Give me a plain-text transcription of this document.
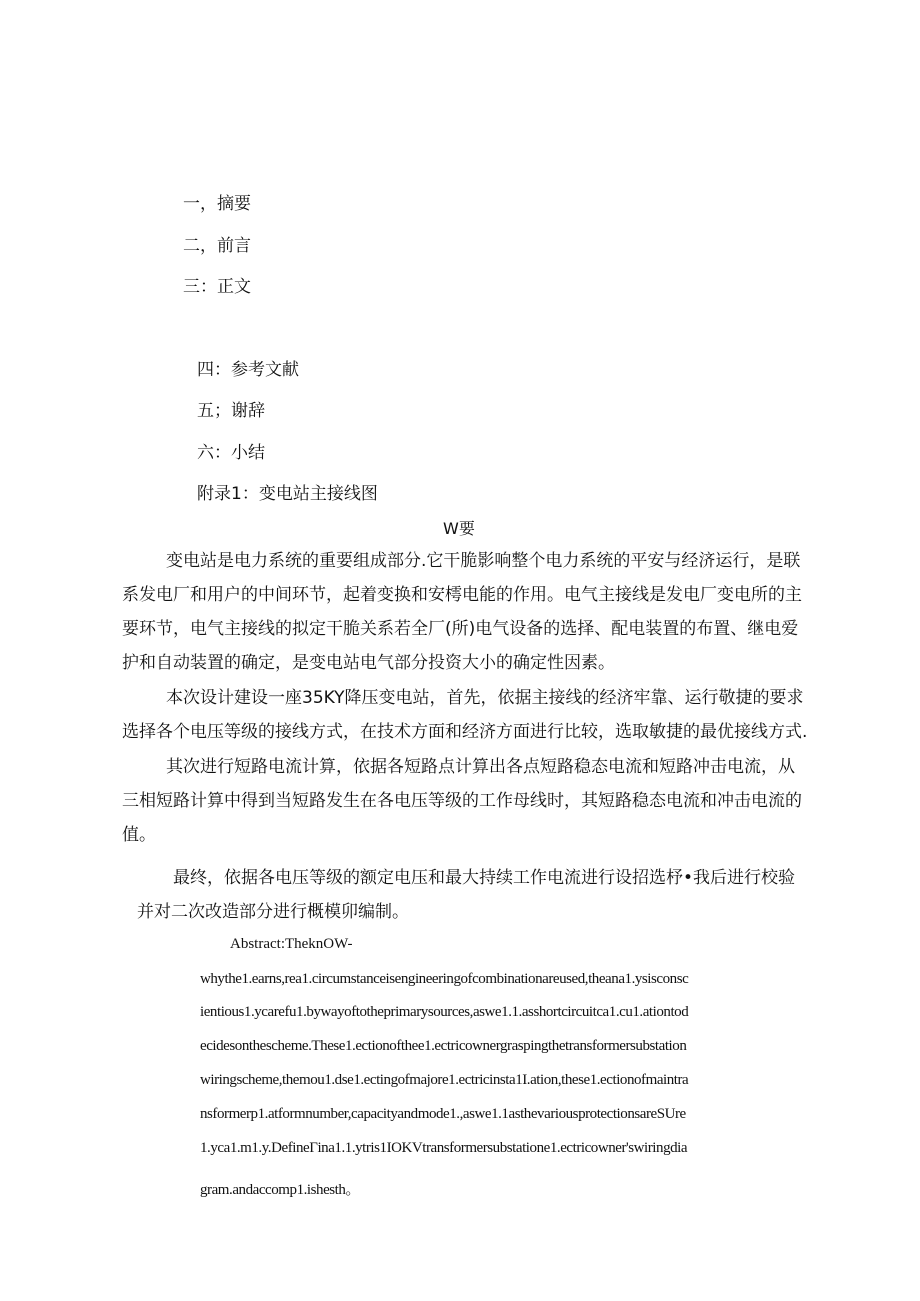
一，摘要
二，前言
三：正文
四：参考文献
五；谢辞
六：小结
附录1：变电站主接线图
W要
变电站是电力系统的重要组成部分.它干脆影响整个电力系统的平安与经济运行，是联
系发电厂和用户的中间环节，起着变换和安樗电能的作用。电气主接线是发电厂变电所的主
要环节，电气主接线的拟定干脆关系若全厂(所)电气设备的选择、配电装置的布置、继电爱
护和自动装置的确定，是变电站电气部分投资大小的确定性因素。
本次设计建设一座35KY降压变电站，首先，依据主接线的经济牢靠、运行敬捷的要求
选择各个电压等级的接线方式，在技术方面和经济方面进行比较，选取敏捷的最优接线方式.
其次进行短路电流计算，依据各短路点计算出各点短路稳态电流和短路冲击电流，从
三相短路计算中得到当短路发生在各电压等级的工作母线时，其短路稳态电流和冲击电流的
值。
最终，依据各电压等级的额定电压和最大持续工作电流进行设招选杼•我后进行校验
并对二次改造部分进行概模卯编制。
Abstract:TheknOW-
whythe1.earns,rea1.circumstanceisengineeringofcombinationareused,theana1.ysisconsc
ientious1.ycarefu1.bywayoftotheprimarysources,aswe1.1.asshortcircuitca1.cu1.ationtod
ecidesonthescheme.These1.ectionofthee1.ectricownergraspingthetransformersubstation
wiringscheme,themou1.dse1.ectingofmajore1.ectricinsta1I.ation,these1.ectionofmaintra
nsformerp1.atformnumber,capacityandmode1.,aswe1.1asthevariousprotectionsareSUre
1.yca1.m1.y.DefineΓina1.1.ytris1IOKVtransformersubstatione1.ectricowner'swiringdia
gram.andaccomp1.ishesth。
